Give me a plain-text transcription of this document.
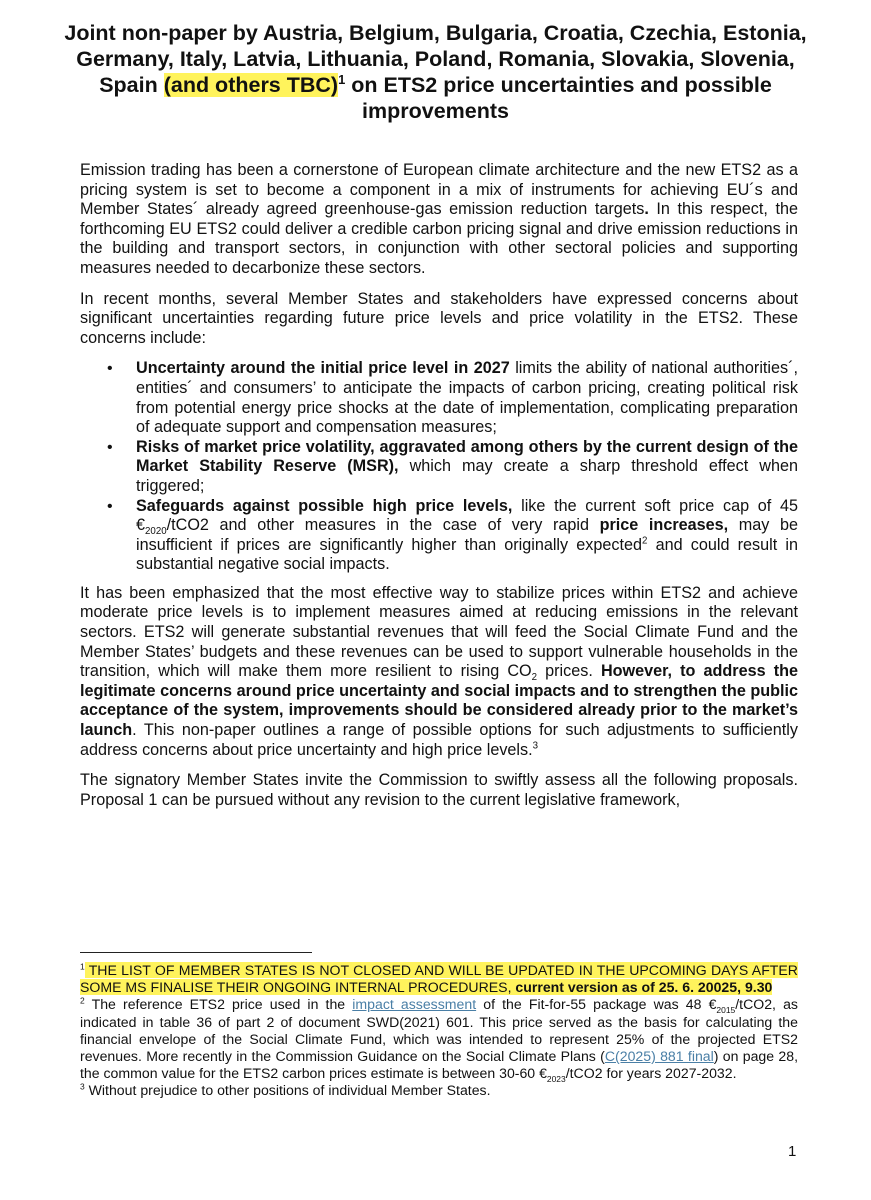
Joint non-paper by Austria, Belgium, Bulgaria, Croatia, Czechia, Estonia, Germany, Italy, Latvia, Lithuania, Poland, Romania, Slovakia, Slovenia, Spain (and others TBC)$^1$ on ETS2 price uncertainties and possible improvements

Emission trading has been a cornerstone of European climate architecture and the new ETS2 as a pricing system is set to become a component in a mix of instruments for achieving EU´s and Member States´ already agreed greenhouse-gas emission reduction targets. In this respect, the forthcoming EU ETS2 could deliver a credible carbon pricing signal and drive emission reductions in the building and transport sectors, in conjunction with other sectoral policies and supporting measures needed to decarbonize these sectors.

In recent months, several Member States and stakeholders have expressed concerns about significant uncertainties regarding future price levels and price volatility in the ETS2. These concerns include:

• Uncertainty around the initial price level in 2027 limits the ability of national authorities´, entities´ and consumers’ to anticipate the impacts of carbon pricing, creating political risk from potential energy price shocks at the date of implementation, complicating preparation of adequate support and compensation measures;
• Risks of market price volatility, aggravated among others by the current design of the Market Stability Reserve (MSR), which may create a sharp threshold effect when triggered;
• Safeguards against possible high price levels, like the current soft price cap of 45 $€_{2020}/tCO2$ and other measures in the case of very rapid price increases, may be insufficient if prices are significantly higher than originally expected$^2$ and could result in substantial negative social impacts.

It has been emphasized that the most effective way to stabilize prices within ETS2 and achieve moderate price levels is to implement measures aimed at reducing emissions in the relevant sectors. ETS2 will generate substantial revenues that will feed the Social Climate Fund and the Member States’ budgets and these revenues can be used to support vulnerable households in the transition, which will make them more resilient to rising $CO_2$ prices. However, to address the legitimate concerns around price uncertainty and social impacts and to strengthen the public acceptance of the system, improvements should be considered already prior to the market’s launch. This non-paper outlines a range of possible options for such adjustments to sufficiently address concerns about price uncertainty and high price levels.$^3$

The signatory Member States invite the Commission to swiftly assess all the following proposals. Proposal 1 can be pursued without any revision to the current legislative framework,

$^1$ THE LIST OF MEMBER STATES IS NOT CLOSED AND WILL BE UPDATED IN THE UPCOMING DAYS AFTER SOME MS FINALISE THEIR ONGOING INTERNAL PROCEDURES, current version as of 25. 6. 20025, 9.30

$^2$ The reference ETS2 price used in the impact assessment of the Fit-for-55 package was 48 $€_{2015}/tCO2$, as indicated in table 36 of part 2 of document SWD(2021) 601. This price served as the basis for calculating the financial envelope of the Social Climate Fund, which was intended to represent 25% of the projected ETS2 revenues. More recently in the Commission Guidance on the Social Climate Plans (C(2025) 881 final) on page 28, the common value for the ETS2 carbon prices estimate is between 30-60 $€_{2023}/tCO2$ for years 2027-2032.

$^3$ Without prejudice to other positions of individual Member States.

1
